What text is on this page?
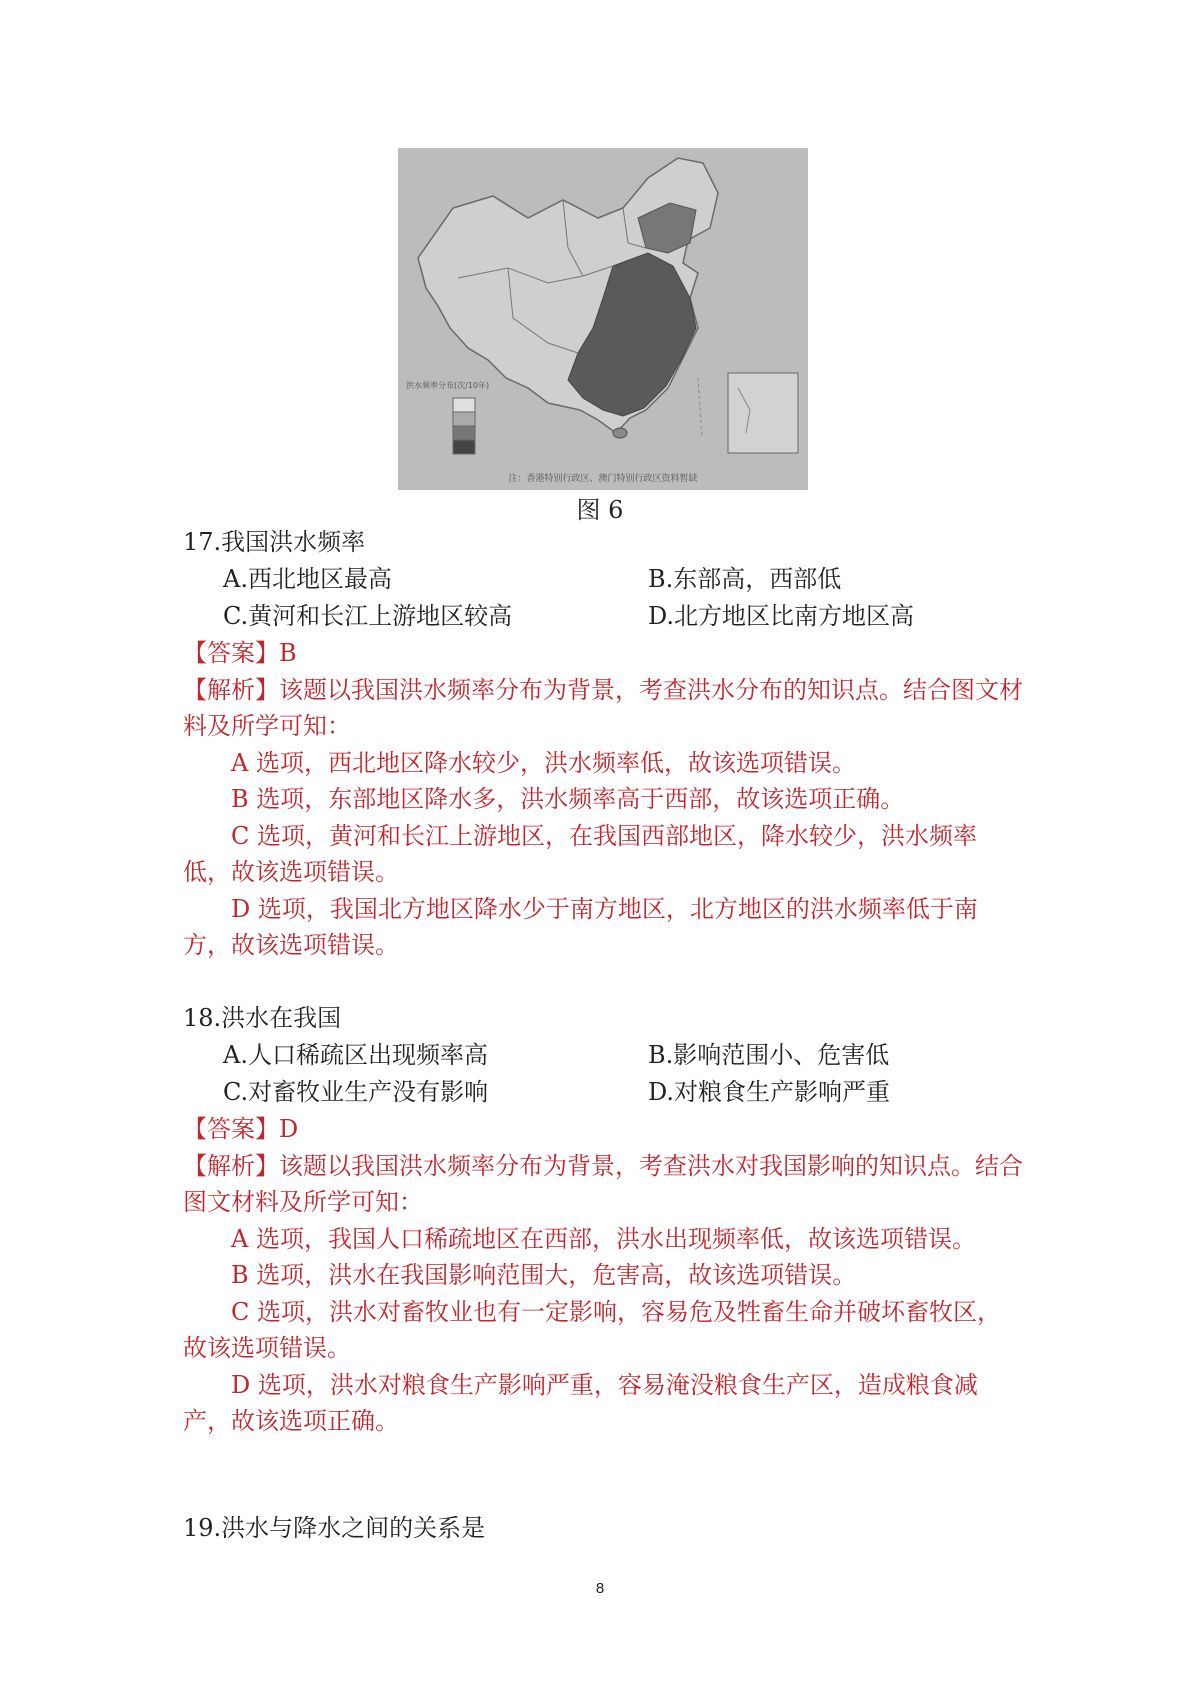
洪水频率分布(次/10年)
注：香港特别行政区、澳门特别行政区资料暂缺
图 6
17.我国洪水频率
A.西北地区最高	B.东部高，西部低
C.黄河和长江上游地区较高	D.北方地区比南方地区高

【答案】B

【解析】该题以我国洪水频率分布为背景，考查洪水分布的知识点。结合图文材料及所学可知：

A 选项，西北地区降水较少，洪水频率低，故该选项错误。

B 选项，东部地区降水多，洪水频率高于西部，故该选项正确。

C 选项，黄河和长江上游地区，在我国西部地区，降水较少，洪水频率低，故该选项错误。

D 选项，我国北方地区降水少于南方地区，北方地区的洪水频率低于南方，故该选项错误。

18.洪水在我国
A.人口稀疏区出现频率高	B.影响范围小、危害低
C.对畜牧业生产没有影响	D.对粮食生产影响严重

【答案】D

【解析】该题以我国洪水频率分布为背景，考查洪水对我国影响的知识点。结合图文材料及所学可知：

A 选项，我国人口稀疏地区在西部，洪水出现频率低，故该选项错误。

B 选项，洪水在我国影响范围大，危害高，故该选项错误。

C 选项，洪水对畜牧业也有一定影响，容易危及牲畜生命并破坏畜牧区，故该选项错误。

D 选项，洪水对粮食生产影响严重，容易淹没粮食生产区，造成粮食减产，故该选项正确。

19.洪水与降水之间的关系是
8
